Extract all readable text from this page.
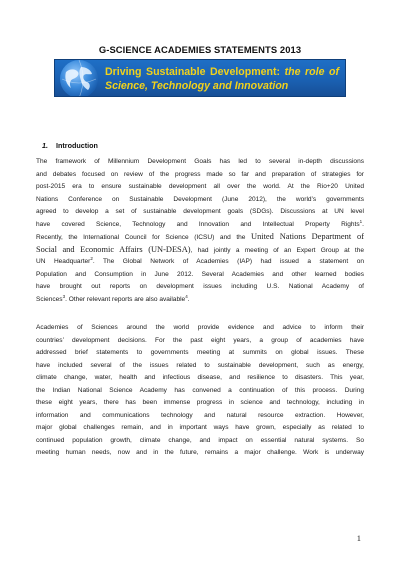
G-SCIENCE ACADEMIES STATEMENTS 2013
Driving Sustainable Development: the role of Science, Technology and Innovation
1. Introduction
The framework of Millennium Development Goals has led to several in-depth discussions
and debates focused on review of the progress made so far and preparation of strategies for
post-2015 era to ensure sustainable development all over the world. At the Rio+20 United
Nations Conference on Sustainable Development (June 2012), the world’s governments
agreed to develop a set of sustainable development goals (SDGs). Discussions at UN level
have covered Science, Technology and Innovation and Intellectual Property Rights$^1$.
Recently, the International Council for Science (ICSU) and the United Nations Department of
Social and Economic Affairs (UN-DESA), had jointly a meeting of an Expert Group at the
UN Headquarter$^2$. The Global Network of Academies (IAP) had issued a statement on
Population and Consumption in June 2012. Several Academies and other learned bodies
have brought out reports on development issues including U.S. National Academy of
Sciences$^3$. Other relevant reports are also available$^4$.
Academies of Sciences around the world provide evidence and advice to inform their
countries’ development decisions. For the past eight years, a group of academies have
addressed brief statements to governments meeting at summits on global issues. These
have included several of the issues related to sustainable development, such as energy,
climate change, water, health and infectious disease, and resilience to disasters. This year,
the Indian National Science Academy has convened a continuation of this process. During
these eight years, there has been immense progress in science and technology, including in
information and communications technology and natural resource extraction. However,
major global challenges remain, and in important ways have grown, especially as related to
continued population growth, climate change, and impact on essential natural systems. So
meeting human needs, now and in the future, remains a major challenge. Work is underway
1
